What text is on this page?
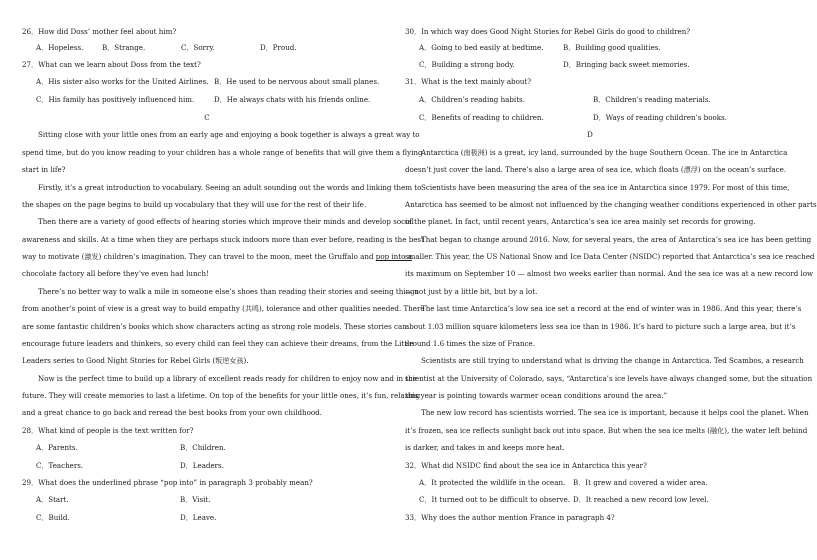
26．How did Doss’ mother feel about him?
A．Hopeless.	B．Strange.	C．Sorry.	D．Proud.
27．What can we learn about Doss from the text?
A．His sister also works for the United Airlines. B．He used to be nervous about small planes.
C．His family has positively influenced him.	D．He always chats with his friends online.
C
Sitting close with your little ones from an early age and enjoying a book together is always a great way to
spend time, but do you know reading to your children has a whole range of benefits that will give them a flying
start in life?
Firstly, it’s a great introduction to vocabulary. Seeing an adult sounding out the words and linking them to
the shapes on the page begins to build up vocabulary that they will use for the rest of their life.
Then there are a variety of good effects of hearing stories which improve their minds and develop social
awareness and skills. At a time when they are perhaps stuck indoors more than ever before, reading is the best
way to motivate (激发) children’s imagination. They can travel to the moon, meet the Gruffalo and pop into a
chocolate factory all before they’ve even had lunch!
There’s no better way to walk a mile in someone else’s shoes than reading their stories and seeing things
from another’s point of view is a great way to build empathy (共鸣), tolerance and other qualities needed. There
are some fantastic children’s books which show characters acting as strong role models. These stories can
encourage future leaders and thinkers, so every child can feel they can achieve their dreams, from the Little
Leaders series to Good Night Stories for Rebel Girls (叛逆女孩).
Now is the perfect time to build up a library of excellent reads ready for children to enjoy now and in the
future. They will create memories to last a lifetime. On top of the benefits for your little ones, it’s fun, relaxing
and a great chance to go back and reread the best books from your own childhood.
28．What kind of people is the text written for?
A．Parents.	B．Children.
C．Teachers.	D．Leaders.
29．What does the underlined phrase “pop into” in paragraph 3 probably mean?
A．Start.	B．Visit.
C．Build.	D．Leave.
30．In which way does Good Night Stories for Rebel Girls do good to children?
A．Going to bed easily at bedtime.	B．Building good qualities.
C．Building a strong body.	D．Bringing back sweet memories.
31．What is the text mainly about?
A．Children’s reading habits.	B．Children’s reading materials.
C．Benefits of reading to children.	D．Ways of reading children’s books.
D
Antarctica (南极洲) is a great, icy land, surrounded by the huge Southern Ocean. The ice in Antarctica
doesn’t just cover the land. There’s also a large area of sea ice, which floats (漂浮) on the ocean’s surface.
Scientists have been measuring the area of the sea ice in Antarctica since 1979. For most of this time,
Antarctica has seemed to be almost not influenced by the changing weather conditions experienced in other parts
of the planet. In fact, until recent years, Antarctica’s sea ice area mainly set records for growing.
That began to change around 2016. Now, for several years, the area of Antarctica’s sea ice has been getting
smaller. This year, the US National Snow and Ice Data Center (NSIDC) reported that Antarctica’s sea ice reached
its maximum on September 10 — almost two weeks earlier than normal. And the sea ice was at a new record low
— not just by a little bit, but by a lot.
The last time Antarctica’s low sea ice set a record at the end of winter was in 1986. And this year, there’s
about 1.03 million square kilometers less sea ice than in 1986. It’s hard to picture such a large area, but it’s
around 1.6 times the size of France.
Scientists are still trying to understand what is driving the change in Antarctica. Ted Scambos, a research
scientist at the University of Colorado, says, “Antarctica’s ice levels have always changed some, but the situation
this year is pointing towards warmer ocean conditions around the area.”
The new low record has scientists worried. The sea ice is important, because it helps cool the planet. When
it’s frozen, sea ice reflects sunlight back out into space. But when the sea ice melts (融化), the water left behind
is darker, and takes in and keeps more heat.
32．What did NSIDC find about the sea ice in Antarctica this year?
A．It protected the wildlife in the ocean. B．It grew and covered a wider area.
C．It turned out to be difficult to observe. D．It reached a new record low level.
33．Why does the author mention France in paragraph 4?
